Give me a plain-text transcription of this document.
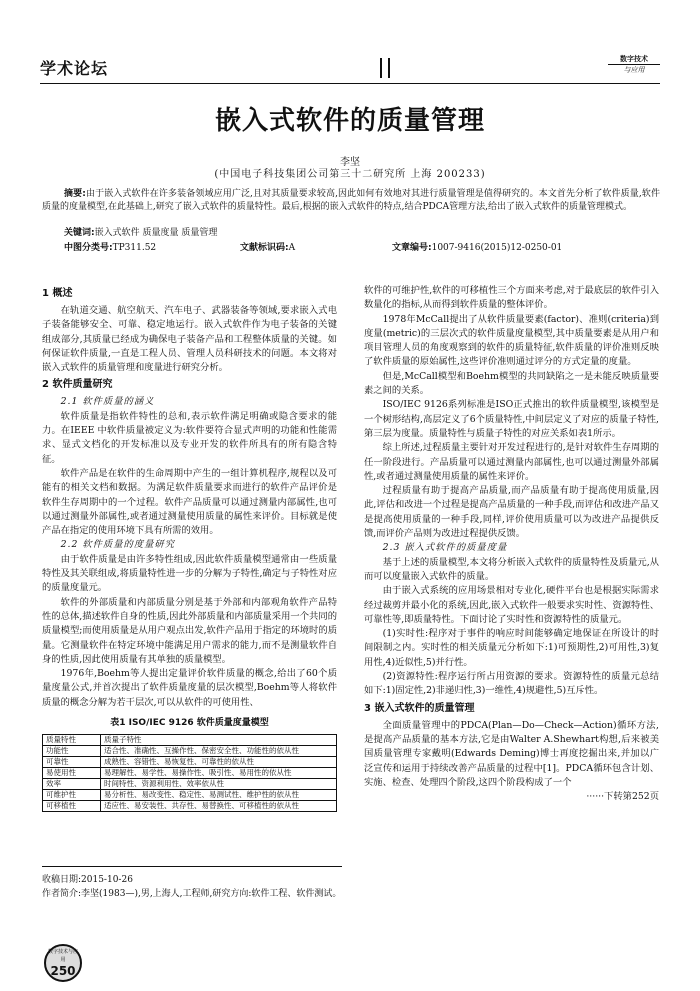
学术论坛	数字技术
与应用
嵌入式软件的质量管理
李坚
(中国电子科技集团公司第三十二研究所 上海 200233)
摘要:由于嵌入式软件在许多装备领域应用广泛,且对其质量要求较高,因此如何有效地对其进行质量管理是值得研究的。本文首先分析了软件质量,软件质量的度量模型,在此基础上,研究了嵌入式软件的质量特性。最后,根据的嵌入式软件的特点,结合PDCA管理方法,给出了嵌入式软件的质量管理模式。
关键词:嵌入式软件 质量度量 质量管理
中图分类号:TP311.52	文献标识码:A	文章编号:1007-9416(2015)12-0250-01
1 概述

在轨道交通、航空航天、汽车电子、武器装备等领域,要求嵌入式电子装备能够安全、可靠、稳定地运行。嵌入式软件作为电子装备的关键组成部分,其质量已经成为确保电子装备产品和工程整体质量的关键。如何保证软件质量,一直是工程人员、管理人员科研技术的问题。本文将对嵌入式软件的质量管理和度量进行研究分析。

2 软件质量研究
2.1 软件质量的涵义

软件质量是指软件特性的总和,表示软件满足明确或隐含要求的能力。在IEEE 中软件质量被定义为:软件要符合显式声明的功能和性能需求、显式文档化的开发标准以及专业开发的软件所具有的所有隐含特征。

软件产品是在软件的生命周期中产生的一组计算机程序,规程以及可能有的相关文档和数据。为满足软件质量要求而进行的软件产品评价是软件生存周期中的一个过程。软件产品质量可以通过测量内部属性,也可以通过测量外部属性,或者通过测量使用质量的属性来评价。目标就是使产品在指定的使用环境下具有所需的效用。

2.2 软件质量的度量研究

由于软件质量是由许多特性组成,因此软件质量模型通常由一些质量特性及其关联组成,将质量特性进一步的分解为子特性,确定与子特性对应的质量度量元。

软件的外部质量和内部质量分别是基于外部和内部观角软件产品特性的总体,描述软件自身的性质,因此外部质量和内部质量采用一个共同的质量模型;而使用质量是从用户观点出发,软件产品用于指定的环境时的质量。它测量软件在特定环境中能满足用户需求的能力,而不是测量软件自身的性质,因此使用质量有其单独的质量模型。

1976年,Boehm等人提出定量评价软件质量的概念,给出了60个质量度量公式,并首次提出了软件质量度量的层次模型,Boehm等人将软件质量的概念分解为若干层次,可以从软件的可使用性、

表1 ISO/IEC 9126 软件质量度量模型
质量特性	质量子特性
功能性	适合性、准确性、互操作性、保密安全性、功能性的依从性
可靠性	成熟性、容错性、易恢复性、可靠性的依从性
易使用性	易理解性、易学性、易操作性、吸引性、易用性的依从性
效率	时间特性、资源利用性、效率依从性
可维护性	易分析性、易改变性、稳定性、易测试性、维护性的依从性
可移植性	适应性、易安装性、共存性、易替换性、可移植性的依从性

软件的可维护性,软件的可移植性三个方面来考虑,对于最底层的软件引入数量化的指标,从而得到软件质量的整体评价。

1978年McCall提出了从软件质量要素(factor)、准则(criteria)到度量(metric)的三层次式的软件质量度量模型,其中质量要素是从用户和项目管理人员的角度观察到的软件的质量特征,软件质量的评价准则反映了软件质量的原始属性,这些评价准则通过评分的方式定量的度量。

但是,McCall模型和Boehm模型的共同缺陷之一是未能反映质量要素之间的关系。

ISO/IEC 9126系列标准是ISO正式推出的软件质量模型,该模型是一个树形结构,高层定义了6个质量特性,中间层定义了对应的质量子特性,第三层为度量。质量特性与质量子特性的对应关系如表1所示。

综上所述,过程质量主要针对开发过程进行的,是针对软件生存周期的任一阶段进行。产品质量可以通过测量内部属性,也可以通过测量外部属性,或者通过测量使用质量的属性来评价。

过程质量有助于提高产品质量,而产品质量有助于提高使用质量,因此,评估和改进一个过程是提高产品质量的一种手段,而评估和改进产品又是提高使用质量的一种手段,同样,评价使用质量可以为改进产品提供反馈,而评价产品则为改进过程提供反馈。

2.3 嵌入式软件的质量度量

基于上述的质量模型,本文将分析嵌入式软件的质量特性及质量元,从而可以度量嵌入式软件的质量。

由于嵌入式系统的应用场景相对专业化,硬件平台也是根据实际需求经过裁剪并最小化的系统,因此,嵌入式软件一般要求实时性、资源特性、可靠性等,即质量特性。下面讨论了实时性和资源特性的质量元。

(1)实时性:程序对于事件的响应时间能够确定地保证在所设计的时间限制之内。实时性的相关质量元分析如下:1)可预期性,2)可用性,3)复用性,4)近似性,5)并行性。

(2)资源特性:程序运行所占用资源的要求。资源特性的质量元总结如下:1)固定性,2)非递归性,3)一维性,4)规避性,5)互斥性。

3 嵌入式软件的质量管理

全面质量管理中的PDCA(Plan—Do—Check—Action)循环方法,是提高产品质量的基本方法,它是由Walter A.Shewhart构想,后来被美国质量管理专家戴明(Edwards Deming)博士再度挖掘出来,并加以广泛宣传和运用于持续改善产品质量的过程中[1]。PDCA循环包含计划、实施、检查、处理四个阶段,这四个阶段构成了一个

······下转第252页
收稿日期:2015-10-26
作者简介:李坚(1983—),男,上海人,工程师,研究方向:软件工程、软件测试。
数字技术与应用
250
